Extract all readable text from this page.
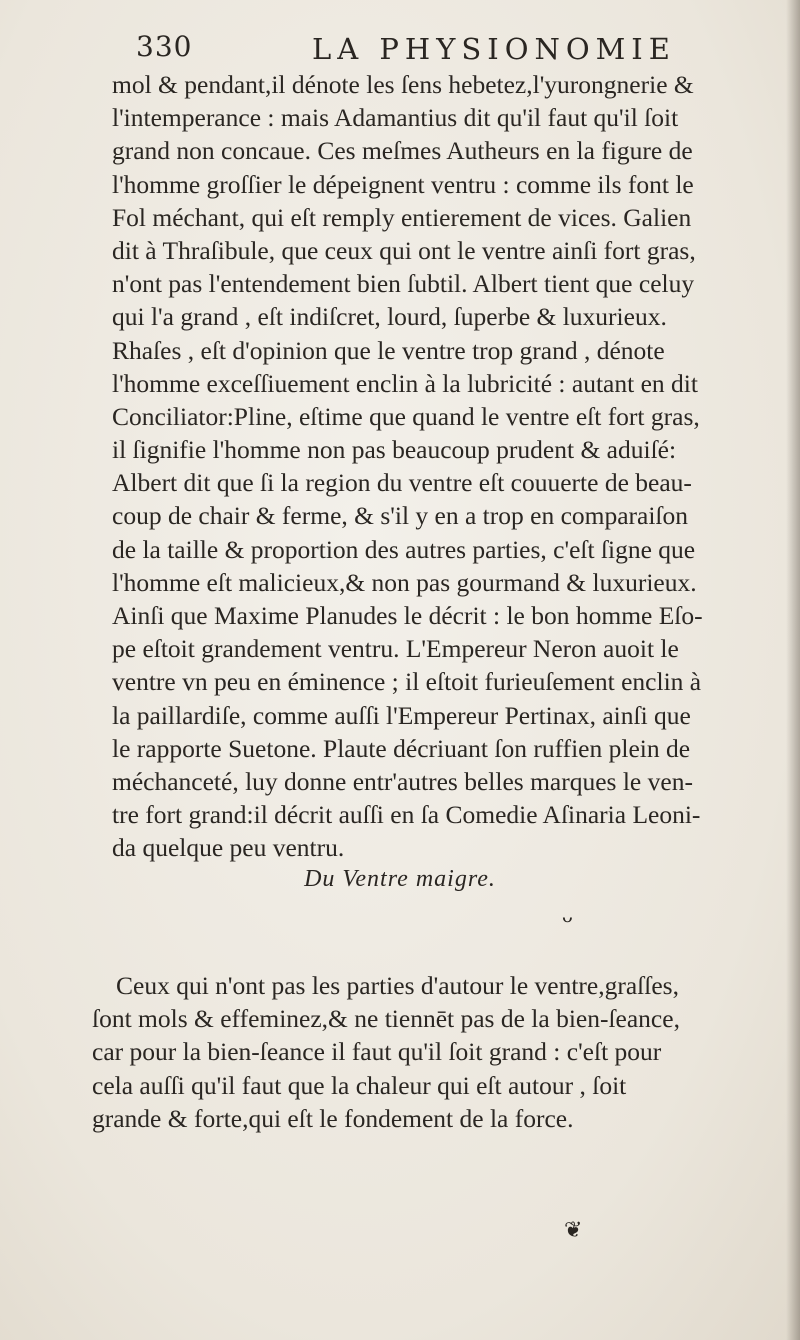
330	LA PHYSIONOMIE
mol & pendant,il dénote les ſens hebetez,l'yurongnerie &
l'intemperance : mais Adamantius dit qu'il faut qu'il ſoit
grand non concaue. Ces meſmes Autheurs en la figure de
l'homme groſſier le dépeignent ventru : comme ils font le
Fol méchant, qui eſt remply entierement de vices. Galien
dit à Thraſibule, que ceux qui ont le ventre ainſi fort gras,
n'ont pas l'entendement bien ſubtil. Albert tient que celuy
qui l'a grand , eſt indiſcret, lourd, ſuperbe & luxurieux.
Rhaſes , eſt d'opinion que le ventre trop grand , dénote
l'homme exceſſiuement enclin à la lubricité : autant en dit
Conciliator:Pline, eſtime que quand le ventre eſt fort gras,
il ſignifie l'homme non pas beaucoup prudent & aduiſé:
Albert dit que ſi la region du ventre eſt couuerte de beau-
coup de chair & ferme, & s'il y en a trop en comparaiſon
de la taille & proportion des autres parties, c'eſt ſigne que
l'homme eſt malicieux,& non pas gourmand & luxurieux.
Ainſi que Maxime Planudes le décrit : le bon homme Eſo-
pe eſtoit grandement ventru. L'Empereur Neron auoit le
ventre vn peu en éminence ; il eſtoit furieuſement enclin à
la paillardiſe, comme auſſi l'Empereur Pertinax, ainſi que
le rapporte Suetone. Plaute décriuant ſon ruffien plein de
méchanceté, luy donne entr'autres belles marques le ven-
tre fort grand:il décrit auſſi en ſa Comedie Aſinaria Leoni-
da quelque peu ventru.
Du Ventre maigre.
ᴗ
Ceux qui n'ont pas les parties d'autour le ventre,graſſes,
ſont mols & effeminez,& ne tiennēt pas de la bien-ſeance,
car pour la bien-ſeance il faut qu'il ſoit grand : c'eſt pour
cela auſſi qu'il faut que la chaleur qui eſt autour , ſoit
grande & forte,qui eſt le fondement de la force.
❦
